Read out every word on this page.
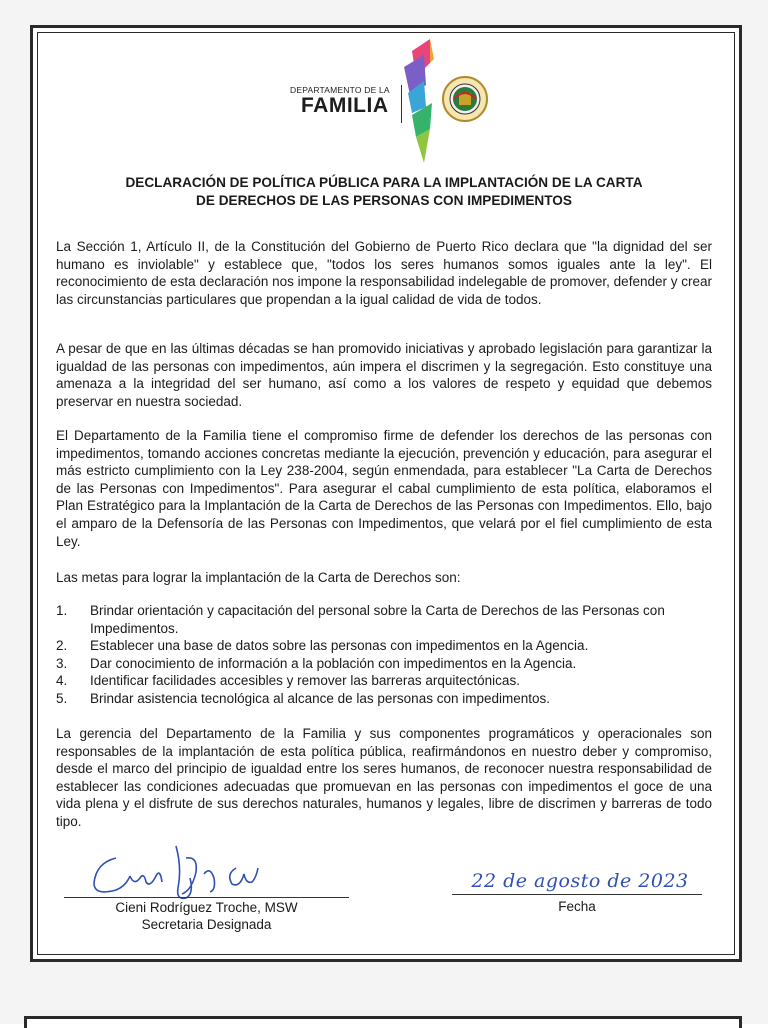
DEPARTAMENTO DE LA
FAMILIA
DECLARACIÓN DE POLÍTICA PÚBLICA PARA LA IMPLANTACIÓN DE LA CARTA
DE DERECHOS DE LAS PERSONAS CON IMPEDIMENTOS

La Sección 1, Artículo II, de la Constitución del Gobierno de Puerto Rico declara que "la dignidad del ser humano es inviolable" y establece que, "todos los seres humanos somos iguales ante la ley". El reconocimiento de esta declaración nos impone la responsabilidad indelegable de promover, defender y crear las circunstancias particulares que propendan a la igual calidad de vida de todos.

A pesar de que en las últimas décadas se han promovido iniciativas y aprobado legislación para garantizar la igualdad de las personas con impedimentos, aún impera el discrimen y la segregación. Esto constituye una amenaza a la integridad del ser humano, así como a los valores de respeto y equidad que debemos preservar en nuestra sociedad.

El Departamento de la Familia tiene el compromiso firme de defender los derechos de las personas con impedimentos, tomando acciones concretas mediante la ejecución, prevención y educación, para asegurar el más estricto cumplimiento con la Ley 238-2004, según enmendada, para establecer "La Carta de Derechos de las Personas con Impedimentos". Para asegurar el cabal cumplimiento de esta política, elaboramos el Plan Estratégico para la Implantación de la Carta de Derechos de las Personas con Impedimentos. Ello, bajo el amparo de la Defensoría de las Personas con Impedimentos, que velará por el fiel cumplimiento de esta Ley.

Las metas para lograr la implantación de la Carta de Derechos son:

1.	Brindar orientación y capacitación del personal sobre la Carta de Derechos de las Personas con Impedimentos.
2.	Establecer una base de datos sobre las personas con impedimentos en la Agencia.
3.	Dar conocimiento de información a la población con impedimentos en la Agencia.
4.	Identificar facilidades accesibles y remover las barreras arquitectónicas.
5.	Brindar asistencia tecnológica al alcance de las personas con impedimentos.

La gerencia del Departamento de la Familia y sus componentes programáticos y operacionales son responsables de la implantación de esta política pública, reafirmándonos en nuestro deber y compromiso, desde el marco del principio de igualdad entre los seres humanos, de reconocer nuestra responsabilidad de establecer las condiciones adecuadas que promuevan en las personas con impedimentos el goce de una vida plena y el disfrute de sus derechos naturales, humanos y legales, libre de discrimen y barreras de todo tipo.

Cieni Rodríguez Troche, MSW
Secretaria Designada
22 de agosto de 2023
Fecha
